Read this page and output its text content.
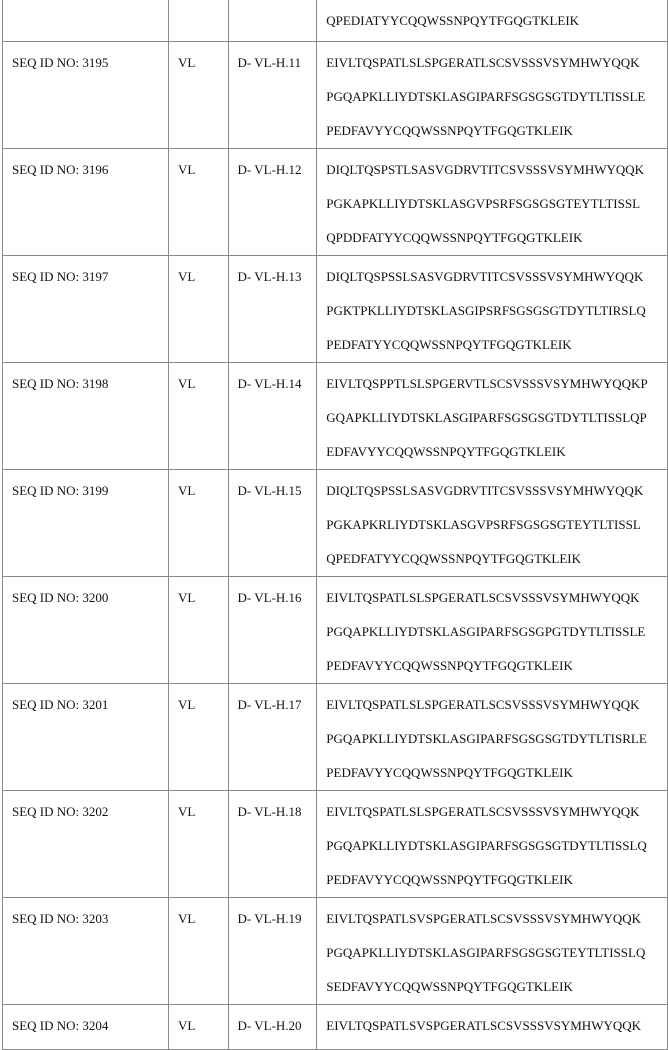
QPEDIATYYCQQWSSNPQYTFGQGTKLEIK

SEQ ID NO: 3195	VL	D- VL-H.11	EIVLTQSPATLSLSPGERATLSCSVSSSVSYMHWYQQK
PGQAPKLLIYDTSKLASGIPARFSGSGSGTDYTLTISSLE
PEDFAVYYCQQWSSNPQYTFGQGTKLEIK

SEQ ID NO: 3196	VL	D- VL-H.12	DIQLTQSPSTLSASVGDRVTITCSVSSSVSYMHWYQQK
PGKAPKLLIYDTSKLASGVPSRFSGSGSGTEYTLTISSL
QPDDFATYYCQQWSSNPQYTFGQGTKLEIK

SEQ ID NO: 3197	VL	D- VL-H.13	DIQLTQSPSSLSASVGDRVTITCSVSSSVSYMHWYQQK
PGKTPKLLIYDTSKLASGIPSRFSGSGSGTDYTLTIRSLQ
PEDFATYYCQQWSSNPQYTFGQGTKLEIK

SEQ ID NO: 3198	VL	D- VL-H.14	EIVLTQSPPTLSLSPGERVTLSCSVSSSVSYMHWYQQKP
GQAPKLLIYDTSKLASGIPARFSGSGSGTDYTLTISSLQP
EDFAVYYCQQWSSNPQYTFGQGTKLEIK

SEQ ID NO: 3199	VL	D- VL-H.15	DIQLTQSPSSLSASVGDRVTITCSVSSSVSYMHWYQQK
PGKAPKRLIYDTSKLASGVPSRFSGSGSGTEYTLTISSL
QPEDFATYYCQQWSSNPQYTFGQGTKLEIK

SEQ ID NO: 3200	VL	D- VL-H.16	EIVLTQSPATLSLSPGERATLSCSVSSSVSYMHWYQQK
PGQAPKLLIYDTSKLASGIPARFSGSGPGTDYTLTISSLE
PEDFAVYYCQQWSSNPQYTFGQGTKLEIK

SEQ ID NO: 3201	VL	D- VL-H.17	EIVLTQSPATLSLSPGERATLSCSVSSSVSYMHWYQQK
PGQAPKLLIYDTSKLASGIPARFSGSGSGTDYTLTISRLE
PEDFAVYYCQQWSSNPQYTFGQGTKLEIK

SEQ ID NO: 3202	VL	D- VL-H.18	EIVLTQSPATLSLSPGERATLSCSVSSSVSYMHWYQQK
PGQAPKLLIYDTSKLASGIPARFSGSGSGTDYTLTISSLQ
PEDFAVYYCQQWSSNPQYTFGQGTKLEIK

SEQ ID NO: 3203	VL	D- VL-H.19	EIVLTQSPATLSVSPGERATLSCSVSSSVSYMHWYQQK
PGQAPKLLIYDTSKLASGIPARFSGSGSGTEYTLTISSLQ
SEDFAVYYCQQWSSNPQYTFGQGTKLEIK

SEQ ID NO: 3204	VL	D- VL-H.20	EIVLTQSPATLSVSPGERATLSCSVSSSVSYMHWYQQK
